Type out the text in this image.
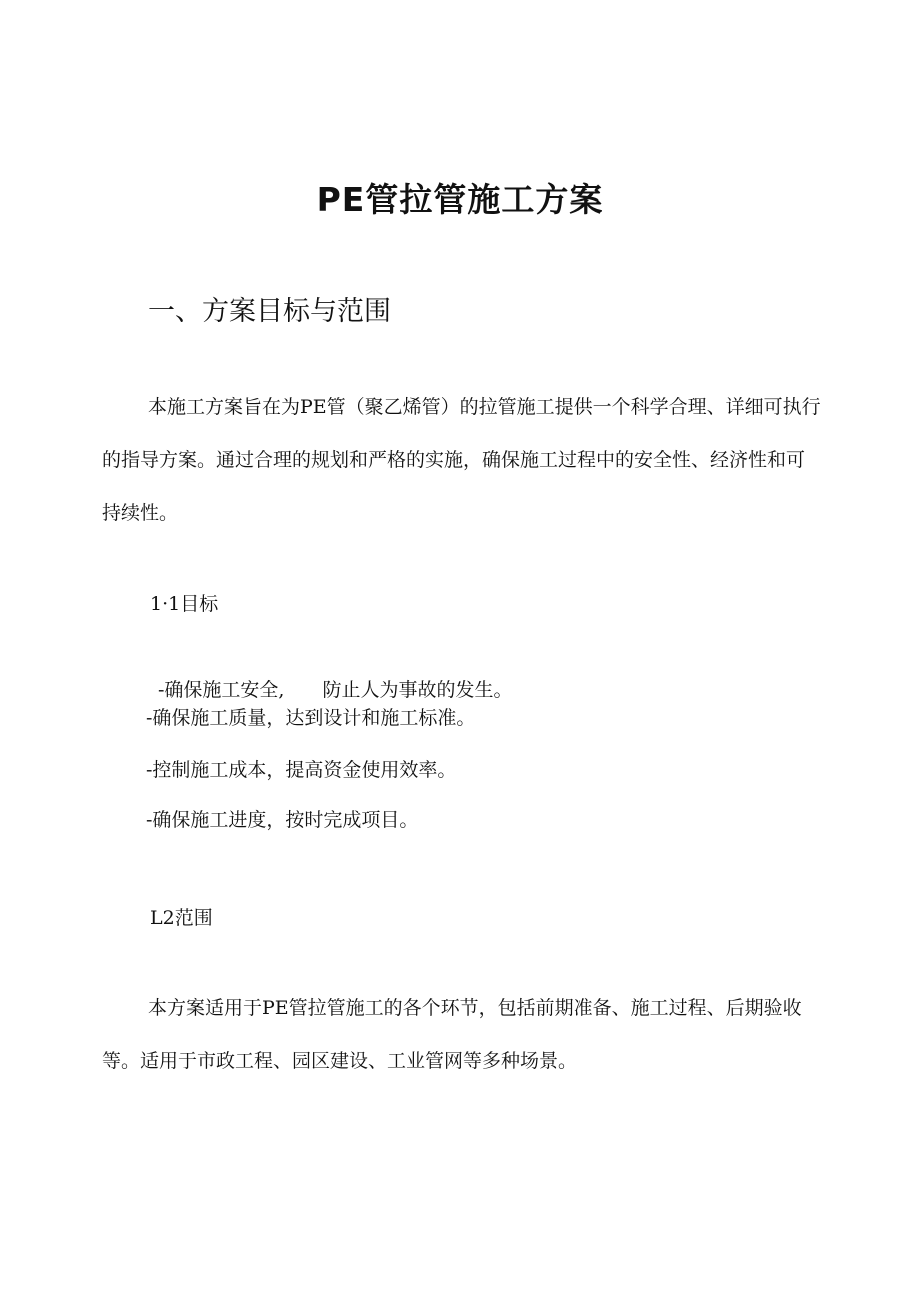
PE管拉管施工方案
一、方案目标与范围

本施工方案旨在为PE管（聚乙烯管）的拉管施工提供一个科学合理、详细可执行的指导方案。通过合理的规划和严格的实施，确保施工过程中的安全性、经济性和可持续性。

1·1目标

-确保施工安全,　　防止人为事故的发生。

-确保施工质量，达到设计和施工标准。

-控制施工成本，提高资金使用效率。

-确保施工进度，按时完成项目。

L2范围

本方案适用于PE管拉管施工的各个环节，包括前期准备、施工过程、后期验收等。适用于市政工程、园区建设、工业管网等多种场景。
